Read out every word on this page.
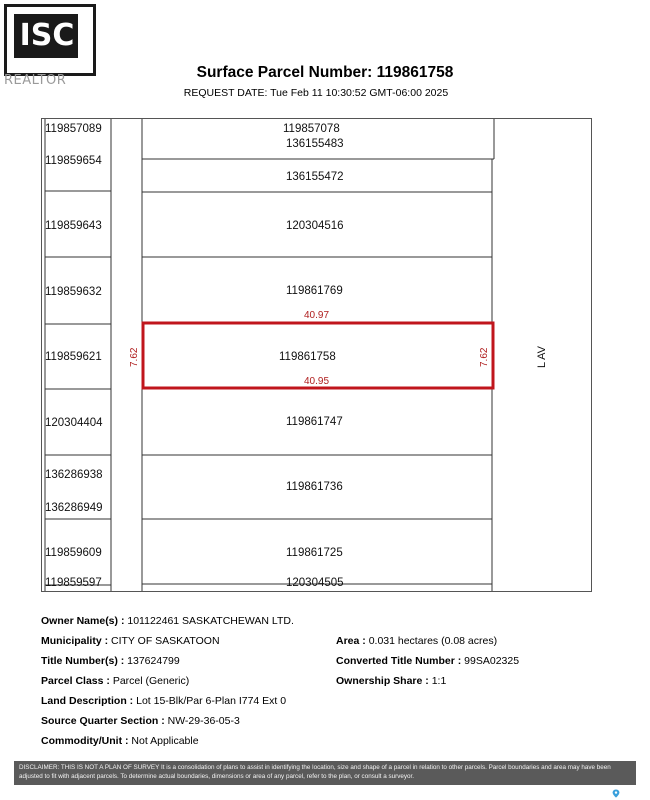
ISC
REALTOR	Surface Parcel Number: 119861758
REQUEST DATE: Tue Feb 11 10:30:52 GMT-06:00 2025
119857089
119859654
119859643
119859632
119859621
120304404
136286938
136286949
119859609
119859597
119857078
136155483
136155472
120304516
119861769
119861758
119861747
119861736
119861725
120304505
40.97
40.95
7.62	7.62	L AV
Owner Name(s) : 101122461 SASKATCHEWAN LTD.
Municipality : CITY OF SASKATOON	Area : 0.031 hectares (0.08 acres)
Title Number(s) : 137624799	Converted Title Number : 99SA02325
Parcel Class : Parcel (Generic)	Ownership Share : 1:1
Land Description : Lot 15-Blk/Par 6-Plan I774 Ext 0
Source Quarter Section : NW-29-36-05-3
Commodity/Unit : Not Applicable
DISCLAIMER: THIS IS NOT A PLAN OF SURVEY It is a consolidation of plans to assist in identifying the location, size and shape of a parcel in relation to other parcels. Parcel boundaries and area may have been adjusted to fit with adjacent parcels. To determine actual boundaries, dimensions or area of any parcel, refer to the plan, or consult a surveyor.
